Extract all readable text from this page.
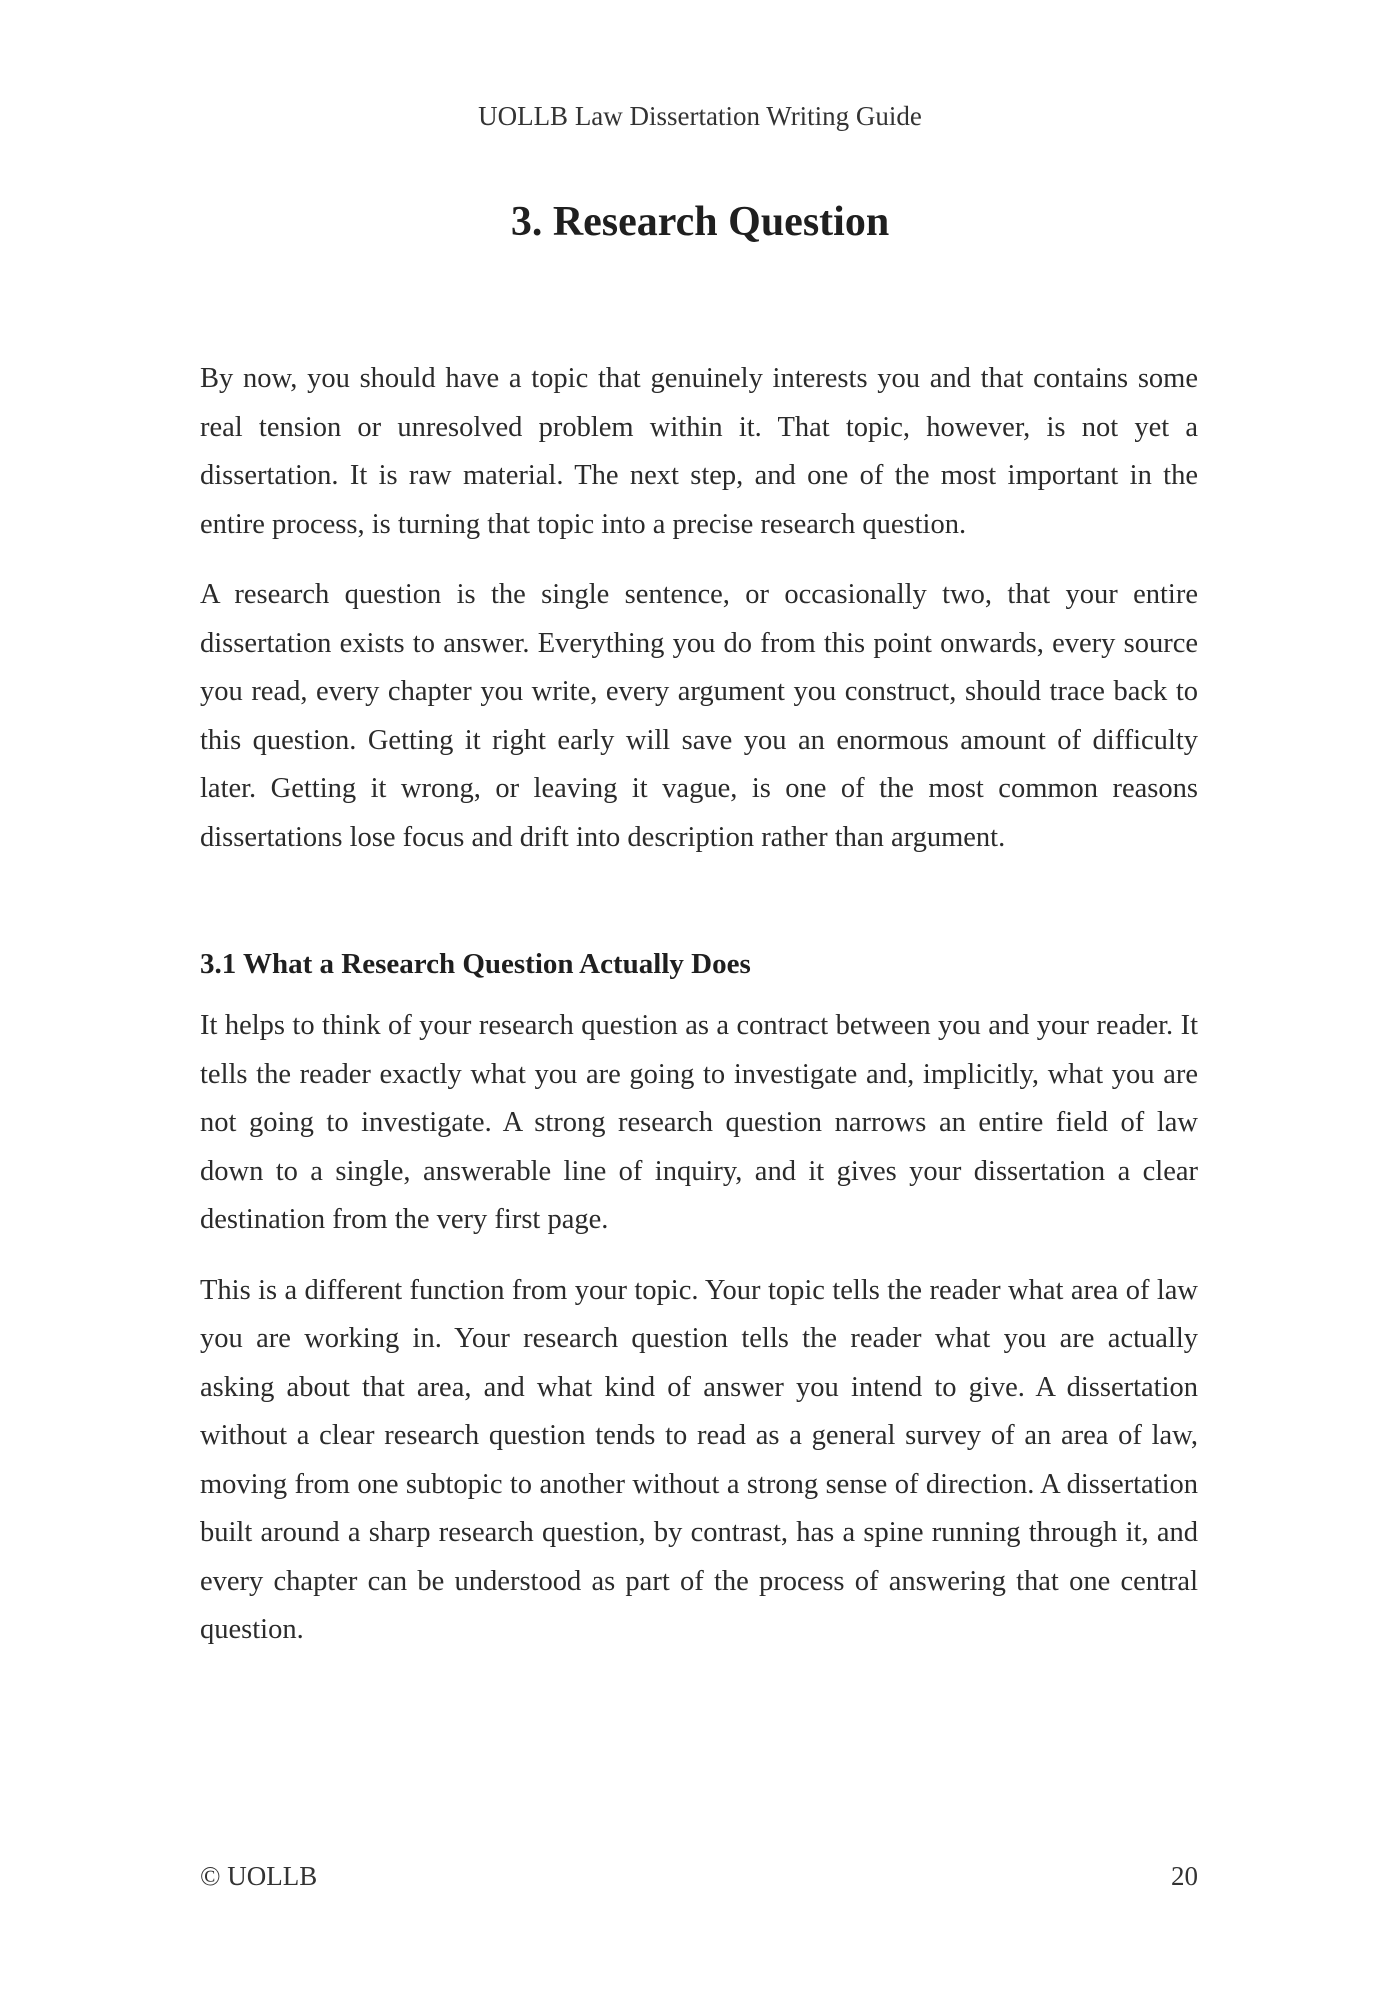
UOLLB Law Dissertation Writing Guide
3. Research Question

By now, you should have a topic that genuinely interests you and that contains some real tension or unresolved problem within it. That topic, however, is not yet a dissertation. It is raw material. The next step, and one of the most important in the entire process, is turning that topic into a precise research question.

A research question is the single sentence, or occasionally two, that your entire dissertation exists to answer. Everything you do from this point onwards, every source you read, every chapter you write, every argument you construct, should trace back to this question. Getting it right early will save you an enormous amount of difficulty later. Getting it wrong, or leaving it vague, is one of the most common reasons dissertations lose focus and drift into description rather than argument.

3.1 What a Research Question Actually Does

It helps to think of your research question as a contract between you and your reader. It tells the reader exactly what you are going to investigate and, implicitly, what you are not going to investigate. A strong research question narrows an entire field of law down to a single, answerable line of inquiry, and it gives your dissertation a clear destination from the very first page.

This is a different function from your topic. Your topic tells the reader what area of law you are working in. Your research question tells the reader what you are actually asking about that area, and what kind of answer you intend to give. A dissertation without a clear research question tends to read as a general survey of an area of law, moving from one subtopic to another without a strong sense of direction. A dissertation built around a sharp research question, by contrast, has a spine running through it, and every chapter can be understood as part of the process of answering that one central question.

© UOLLB	20
